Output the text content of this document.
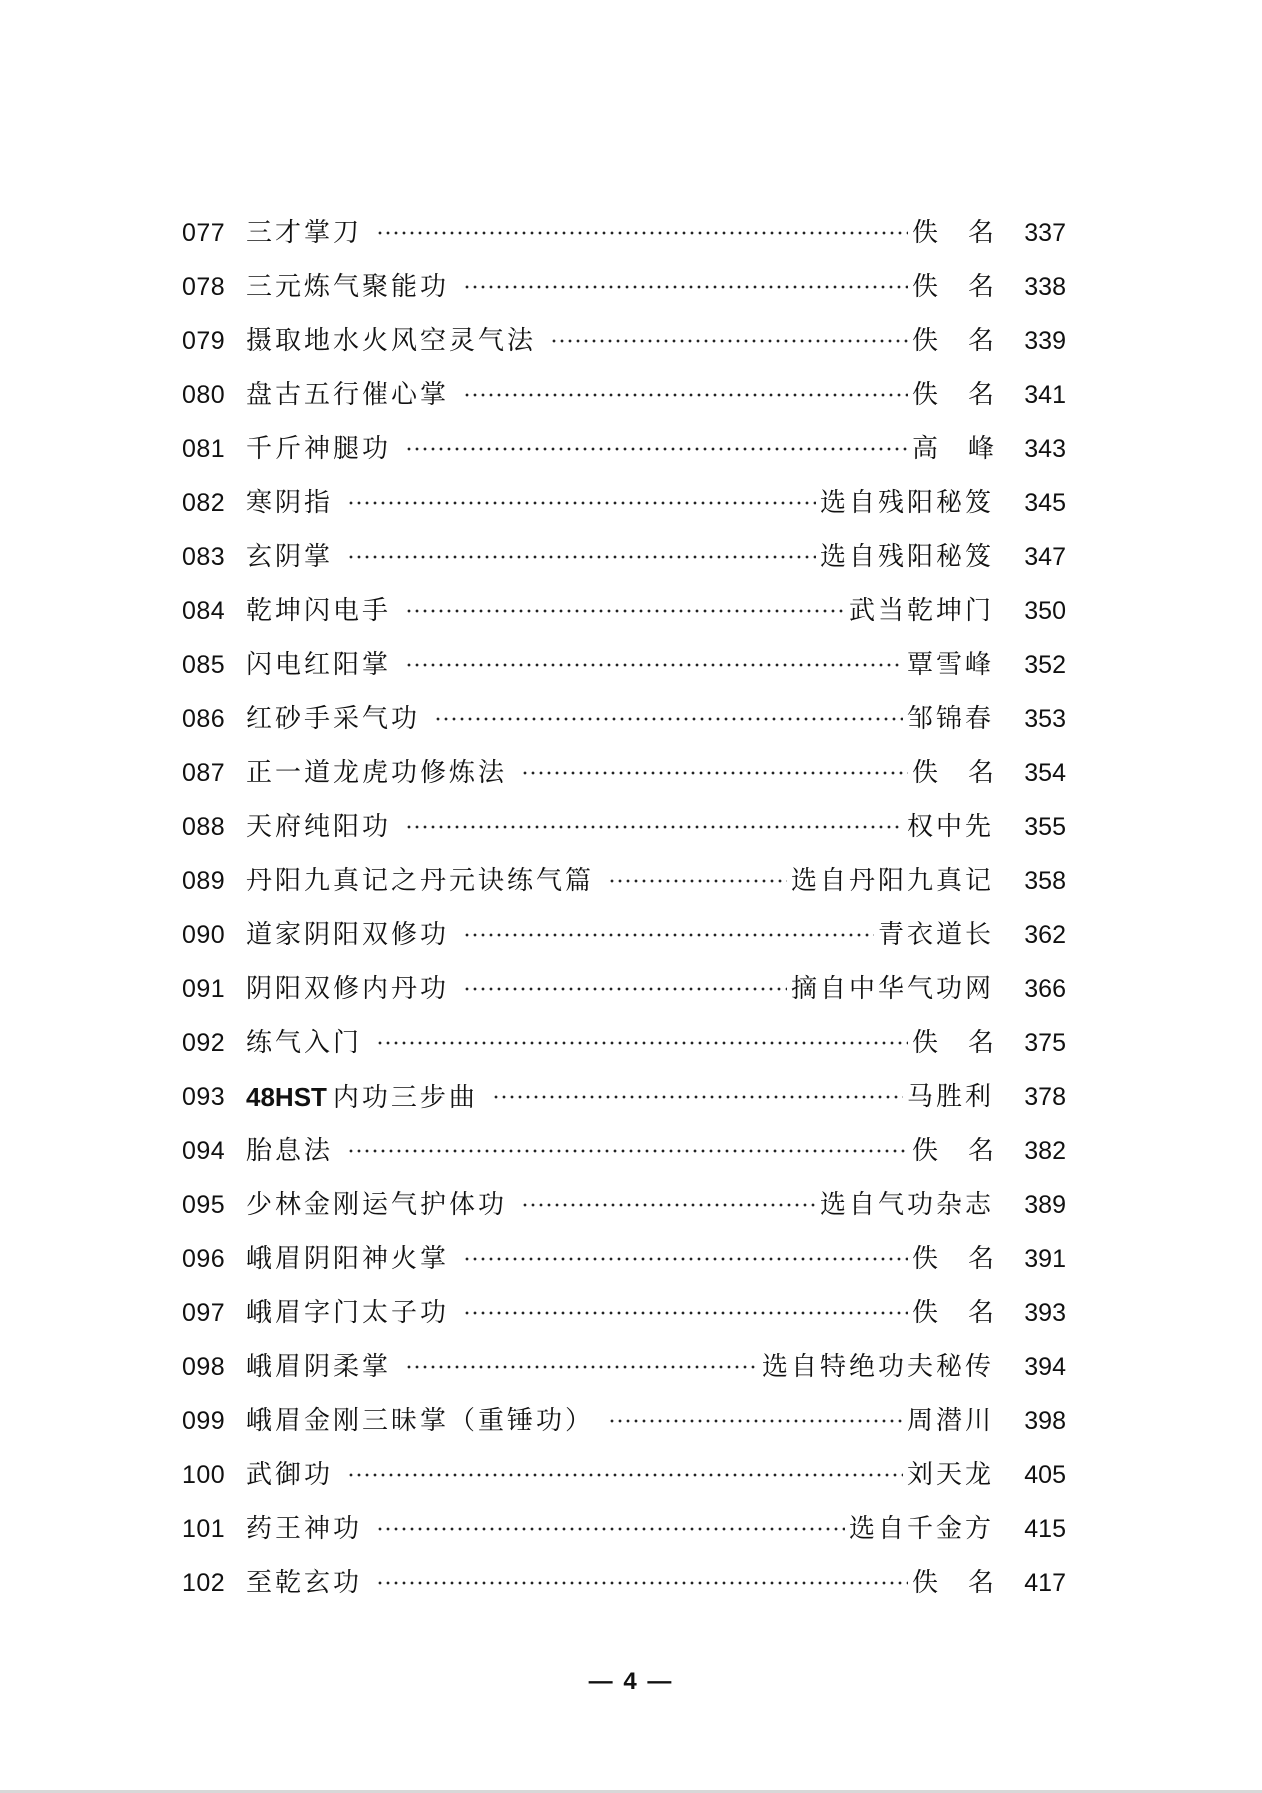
077 三才掌刀	佚名 337
078 三元炼气聚能功	佚名 338
079 摄取地水火风空灵气法	佚名 339
080 盘古五行催心掌	佚名 341
081 千斤神腿功	高峰 343
082 寒阴指	选自残阳秘笈	345
083 玄阴掌	选自残阳秘笈	347
084 乾坤闪电手	武当乾坤门	350
085 闪电红阳掌	覃雪峰	352
086 红砂手采气功	邹锦春	353
087 正一道龙虎功修炼法	佚名 354
088 天府纯阳功	权中先	355
089 丹阳九真记之丹元诀练气篇	选自丹阳九真记	358
090 道家阴阳双修功	青衣道长	362
091 阴阳双修内丹功	摘自中华气功网	366
092 练气入门	佚名 375
093 48HST 内功三步曲	马胜利	378
094 胎息法	佚名 382
095 少林金刚运气护体功	选自气功杂志	389
096 峨眉阴阳神火掌	佚名 391
097 峨眉字门太子功	佚名 393
098 峨眉阴柔掌	选自特绝功夫秘传	394
099 峨眉金刚三昧掌（重锤功）	周潜川	398
100 武御功	刘天龙	405
101 药王神功	选自千金方	415
102 至乾玄功	佚名 417
— 4 —
